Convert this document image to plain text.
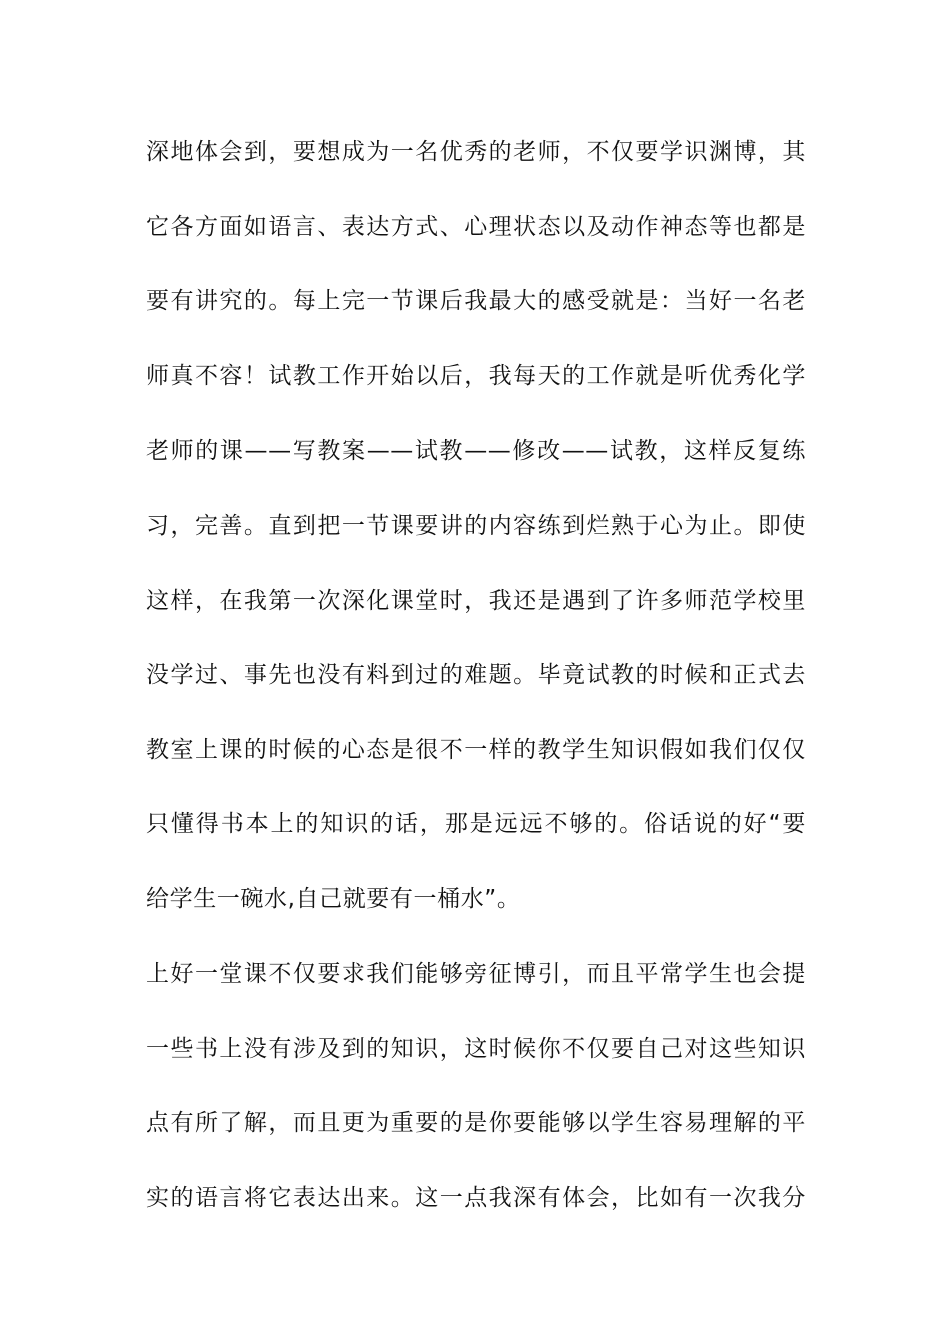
深地体会到，要想成为一名优秀的老师，不仅要学识渊博，其
它各方面如语言、表达方式、心理状态以及动作神态等也都是
要有讲究的。每上完一节课后我最大的感受就是：当好一名老
师真不容！试教工作开始以后，我每天的工作就是听优秀化学
老师的课——写教案——试教——修改——试教，这样反复练
习，完善。直到把一节课要讲的内容练到烂熟于心为止。即使
这样，在我第一次深化课堂时，我还是遇到了许多师范学校里
没学过、事先也没有料到过的难题。毕竟试教的时候和正式去
教室上课的时候的心态是很不一样的教学生知识假如我们仅仅
只懂得书本上的知识的话，那是远远不够的。俗话说的好“要
给学生一碗水,自己就要有一桶水”。
上好一堂课不仅要求我们能够旁征博引，而且平常学生也会提
一些书上没有涉及到的知识，这时候你不仅要自己对这些知识
点有所了解，而且更为重要的是你要能够以学生容易理解的平
实的语言将它表达出来。这一点我深有体会，比如有一次我分
